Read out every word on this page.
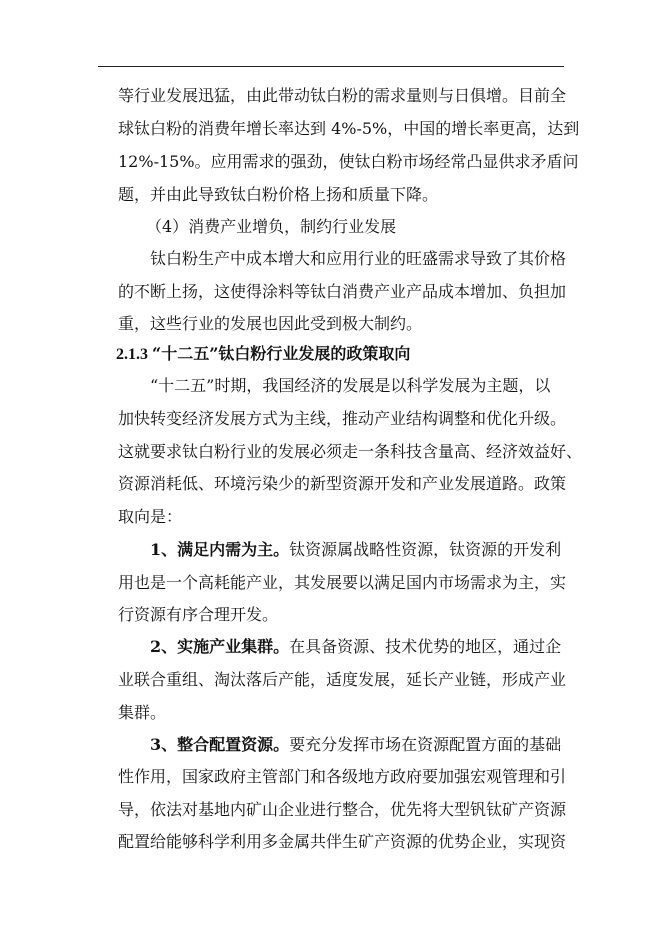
等行业发展迅猛，由此带动钛白粉的需求量则与日俱增。目前全
球钛白粉的消费年增长率达到 4%-5%，中国的增长率更高，达到
12%-15%。应用需求的强劲，使钛白粉市场经常凸显供求矛盾问
题，并由此导致钛白粉价格上扬和质量下降。
（4）消费产业增负，制约行业发展
钛白粉生产中成本增大和应用行业的旺盛需求导致了其价格
的不断上扬，这使得涂料等钛白消费产业产品成本增加、负担加
重，这些行业的发展也因此受到极大制约。
2.1.3 “十二五”钛白粉行业发展的政策取向
“十二五”时期，我国经济的发展是以科学发展为主题，以
加快转变经济发展方式为主线，推动产业结构调整和优化升级。
这就要求钛白粉行业的发展必须走一条科技含量高、经济效益好、
资源消耗低、环境污染少的新型资源开发和产业发展道路。政策
取向是：
1、满足内需为主。钛资源属战略性资源，钛资源的开发利
用也是一个高耗能产业，其发展要以满足国内市场需求为主，实
行资源有序合理开发。
2、实施产业集群。在具备资源、技术优势的地区，通过企
业联合重组、淘汰落后产能，适度发展，延长产业链，形成产业
集群。
3、整合配置资源。要充分发挥市场在资源配置方面的基础
性作用，国家政府主管部门和各级地方政府要加强宏观管理和引
导，依法对基地内矿山企业进行整合，优先将大型钒钛矿产资源
配置给能够科学利用多金属共伴生矿产资源的优势企业，实现资
